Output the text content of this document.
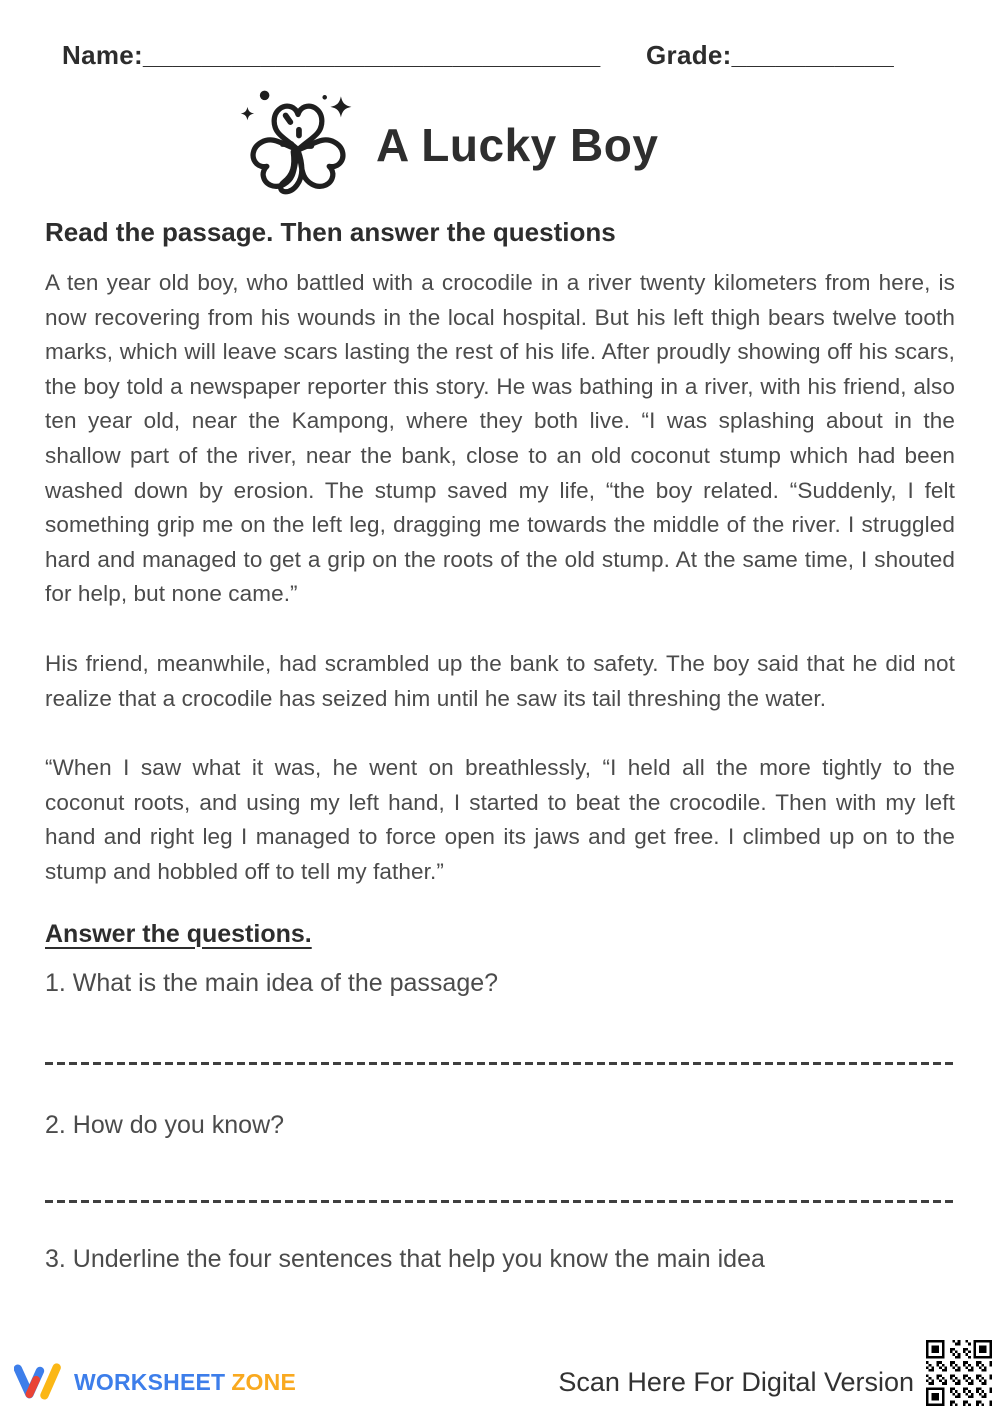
Name:_______________________________ Grade:___________
A Lucky Boy
Read the passage. Then answer the questions

A ten year old boy, who battled with a crocodile in a river twenty kilometers from here, is now recovering from his wounds in the local hospital. But his left thigh bears twelve tooth marks, which will leave scars lasting the rest of his life. After proudly showing off his scars, the boy told a newspaper reporter this story. He was bathing in a river, with his friend, also ten year old, near the Kampong, where they both live. “I was splashing about in the shallow part of the river, near the bank, close to an old coconut stump which had been washed down by erosion. The stump saved my life, “the boy related. “Suddenly, I felt something grip me on the left leg, dragging me towards the middle of the river. I struggled hard and managed to get a grip on the roots of the old stump. At the same time, I shouted for help, but none came.”

His friend, meanwhile, had scrambled up the bank to safety. The boy said that he did not realize that a crocodile has seized him until he saw its tail threshing the water.

“When I saw what it was, he went on breathlessly, “I held all the more tightly to the coconut roots, and using my left hand, I started to beat the crocodile. Then with my left hand and right leg I managed to force open its jaws and get free. I climbed up on to the stump and hobbled off to tell my father.”

Answer the questions.
1. What is the main idea of the passage?
2. How do you know?
3. Underline the four sentences that help you know the main idea
WORKSHEET ZONE	Scan Here For Digital Version
